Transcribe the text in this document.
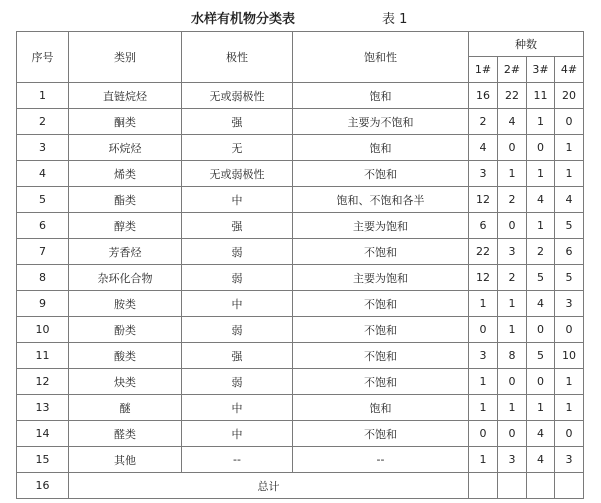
水样有机物分类表	表 1
序号	类别	极性	饱和性	种数			
				1#	2#	3#	4#
1	直链烷烃	无或弱极性	饱和	16	22	11	20
2	酮类	强	主要为不饱和	2	4	1	0
3	环烷烃	无	饱和	4	0	0	1
4	烯类	无或弱极性	不饱和	3	1	1	1
5	酯类	中	饱和、不饱和各半	12	2	4	4
6	醇类	强	主要为饱和	6	0	1	5
7	芳香烃	弱	不饱和	22	3	2	6
8	杂环化合物	弱	主要为饱和	12	2	5	5
9	胺类	中	不饱和	1	1	4	3
10	酚类	弱	不饱和	0	1	0	0
11	酸类	强	不饱和	3	8	5	10
12	炔类	弱	不饱和	1	0	0	1
13	醚	中	饱和	1	1	1	1
14	醛类	中	不饱和	0	0	4	0
15	其他	--	--	1	3	4	3
16	总计						
